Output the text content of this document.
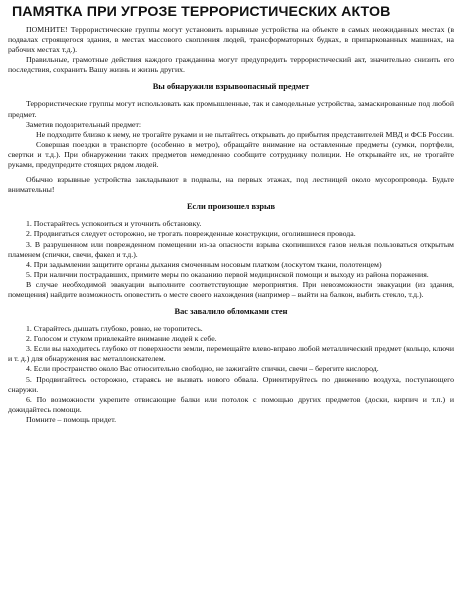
ПАМЯТКА ПРИ УГРОЗЕ ТЕРРОРИСТИЧЕСКИХ АКТОВ

ПОМНИТЕ! Террористические группы могут установить взрывные устройства на объекте в самых неожиданных местах (в подвалах строящегося здания, в местах массового скопления людей, трансформаторных будках, в припаркованных машинах, на рабочих местах т.д.).

Правильные, грамотные действия каждого гражданина могут предупредить террористический акт, значительно снизить его последствия, сохранить Вашу жизнь и жизнь других.

Вы обнаружили взрывоопасный предмет

Террористические группы могут использовать как промышленные, так и самодельные устройства, замаскированные под любой предмет.

Заметив подозрительный предмет:

Не подходите близко к нему, не трогайте руками и не пытайтесь открывать до прибытия представителей МВД и ФСБ России.

Совершая поездки в транспорте (особенно в метро), обращайте внимание на оставленные предметы (сумки, портфели, свертки и т.д.). При обнаружении таких предметов немедленно сообщите сотруднику полиции. Не открывайте их, не трогайте руками, предупредите стоящих рядом людей.

Обычно взрывные устройства закладывают в подвалы, на первых этажах, под лестницей около мусоропровода. Будьте внимательны!

Если произошел взрыв

1. Постарайтесь успокоиться и уточнить обстановку.

2. Продвигаться следует осторожно, не трогать поврежденные конструкции, оголившиеся провода.

3. В разрушенном или поврежденном помещении из-за опасности взрыва скопившихся газов нельзя пользоваться открытым пламенем (спички, свечи, факел и т.д.).

4. При задымлении защитите органы дыхания смоченным носовым платком (лоскутом ткани, полотенцем)

5. При наличии пострадавших, примите меры по оказанию первой медицинской помощи и выходу из района поражения.

В случае необходимой эвакуации выполните соответствующие мероприятия. При невозможности эвакуации (из здания, помещения) найдите возможность оповестить о месте своего нахождения (например – выйти на балкон, выбить стекло, т.д.).

Вас завалило обломками стен

1. Старайтесь дышать глубоко, ровно, не торопитесь.

2. Голосом и стуком привлекайте внимание людей к себе.

3. Если вы находитесь глубоко от поверхности земли, перемещайте влево-вправо любой металлический предмет (кольцо, ключи и т. д.) для обнаружения вас металлоискателем.

4. Если пространство около Вас относительно свободно, не зажигайте спички, свечи – берегите кислород.

5. Продвигайтесь осторожно, стараясь не вызвать нового обвала. Ориентируйтесь по движению воздуха, поступающего снаружи.

6. По возможности укрепите отвисающие балки или потолок с помощью других предметов (доски, кирпич и т.п.) и дожидайтесь помощи.

Помните – помощь придет.
